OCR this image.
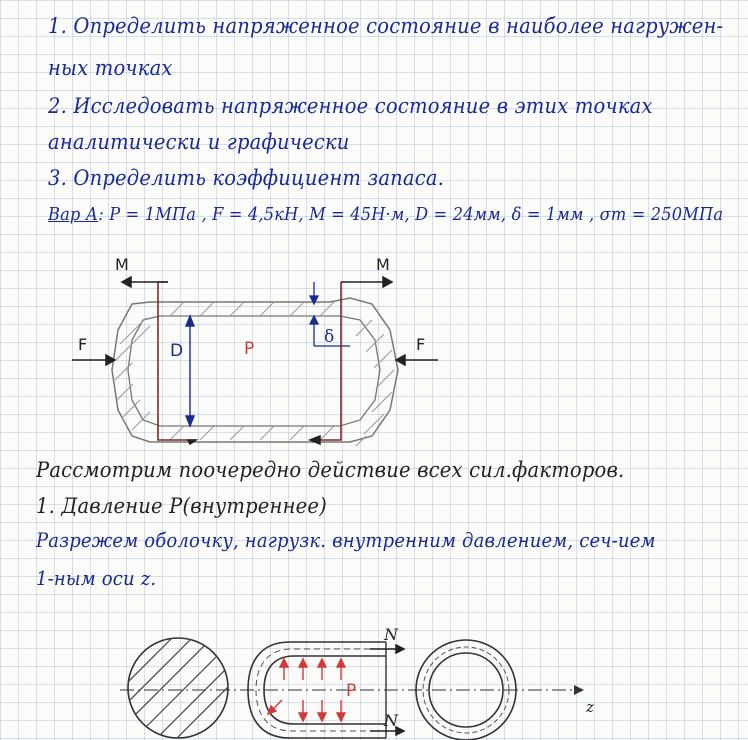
1. Определить напряженное состояние в наиболее нагружен-
ных точках
2. Исследовать напряженное состояние в этих точках
аналитически и графически
3. Определить коэффициент запаса.
Вар А: P = 1МПа , F = 4,5кН, M = 45Н·м, D = 24мм, δ = 1мм , σт = 250МПа
M	M
F	F
D	P
δ
Рассмотрим поочередно действие всех сил.факторов.
1. Давление P(внутреннее)
Разрежем оболочку, нагрузк. внутренним давлением, сеч-ием
1-ным оси z.
N
N
P
z
